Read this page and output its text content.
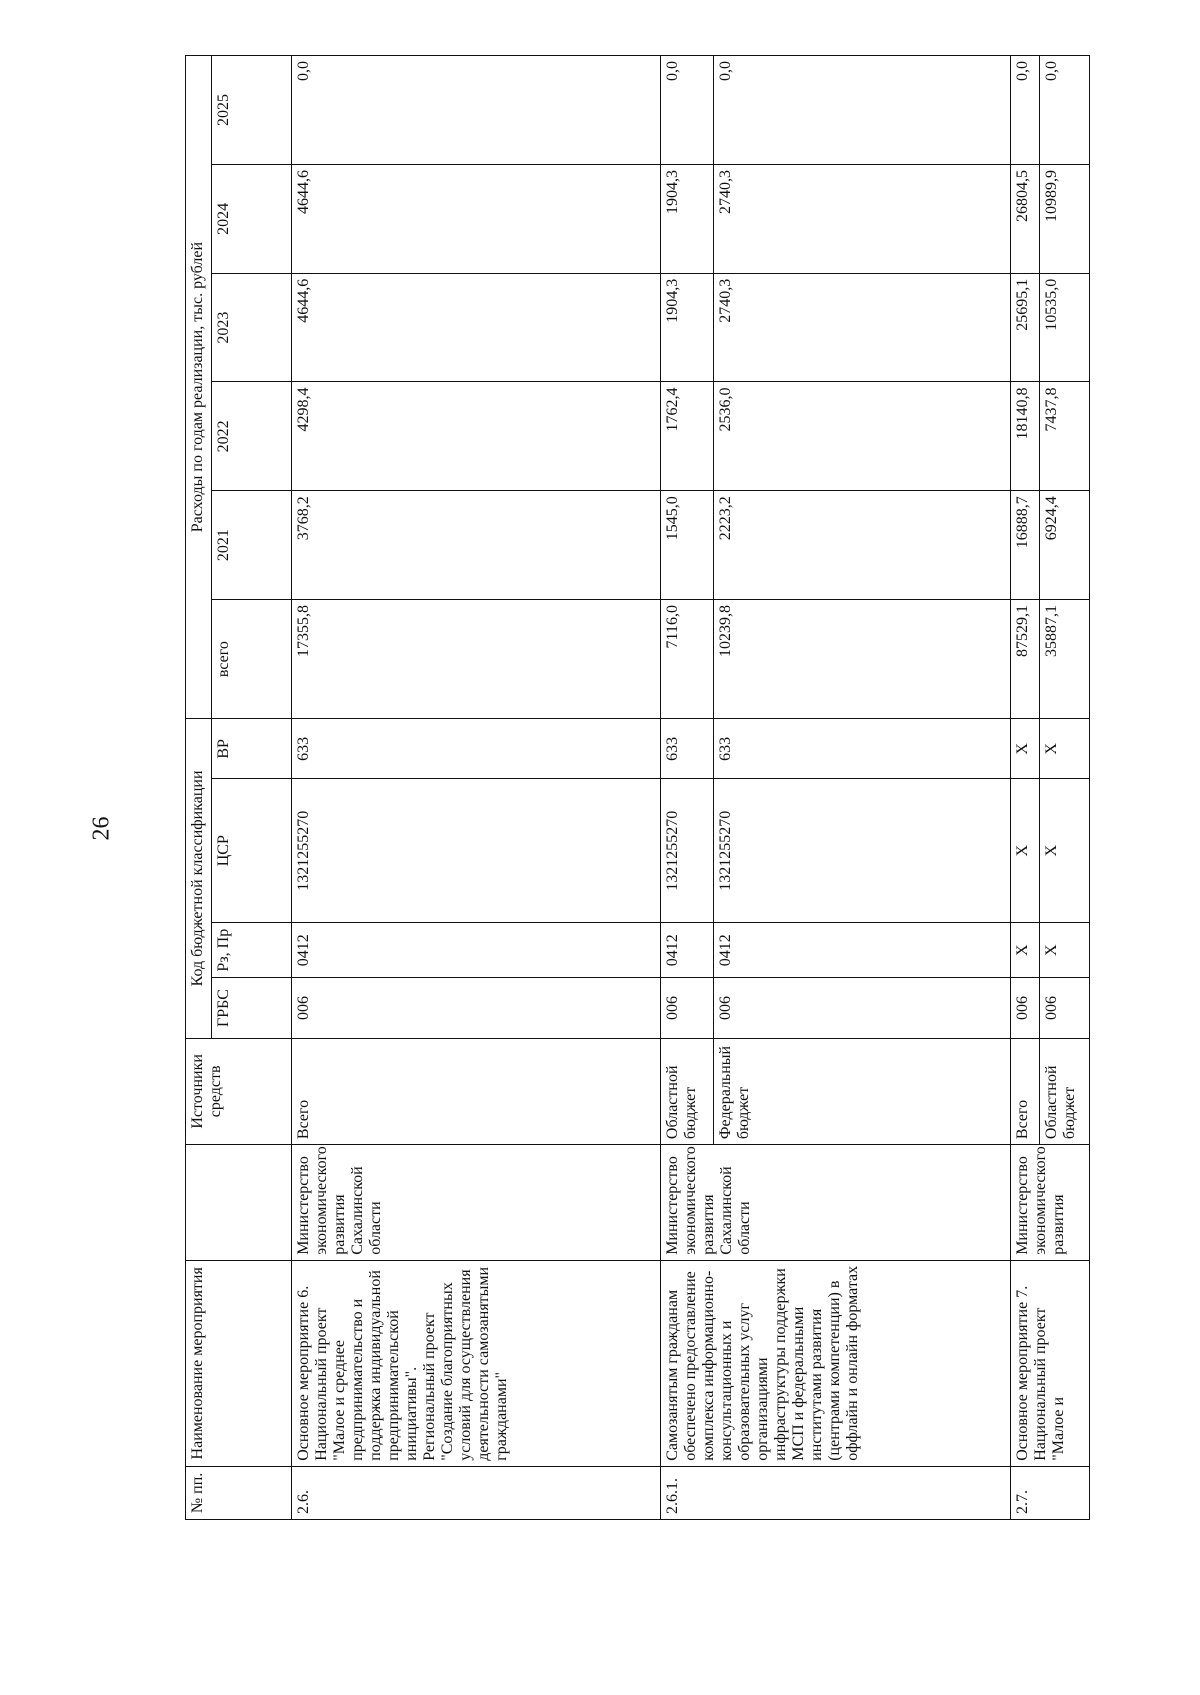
26
№ пп.	Наименование мероприятия		Источники средств	Код бюджетной классификации				Расходы по годам реализации, тыс. рублей					
				ГРБС	Рз, Пр	ЦСР	ВР	всего	2021	2022	2023	2024	2025
2.6.	Основное мероприятие 6. Национальный проект "Малое и среднее предпринимательство и поддержка индивидуальной предпринимательской инициативы". Региональный проект "Создание благоприятных условий для осуществления деятельности самозанятыми гражданами"	Министерство экономического развития Сахалинской области	Всего	006	0412	1321255270	633	17355,8	3768,2	4298,4	4644,6	4644,6	0,0
2.6.1.	Самозанятым гражданам обеспечено предоставление комплекса информационно-консультационных и образовательных услуг организациями инфраструктуры поддержки МСП и федеральными институтами развития (центрами компетенции) в оффлайн и онлайн форматах	Министерство экономического развития Сахалинской области	Областной бюджет	006	0412	1321255270	633	7116,0	1545,0	1762,4	1904,3	1904,3	0,0
			Федеральный бюджет	006	0412	1321255270	633	10239,8	2223,2	2536,0	2740,3	2740,3	0,0
2.7.	Основное мероприятие 7. Национальный проект "Малое и	Министерство экономического развития	Всего	006	Х	Х	Х	87529,1	16888,7	18140,8	25695,1	26804,5	0,0
			Областной бюджет	006	Х	Х	Х	35887,1	6924,4	7437,8	10535,0	10989,9	0,0
